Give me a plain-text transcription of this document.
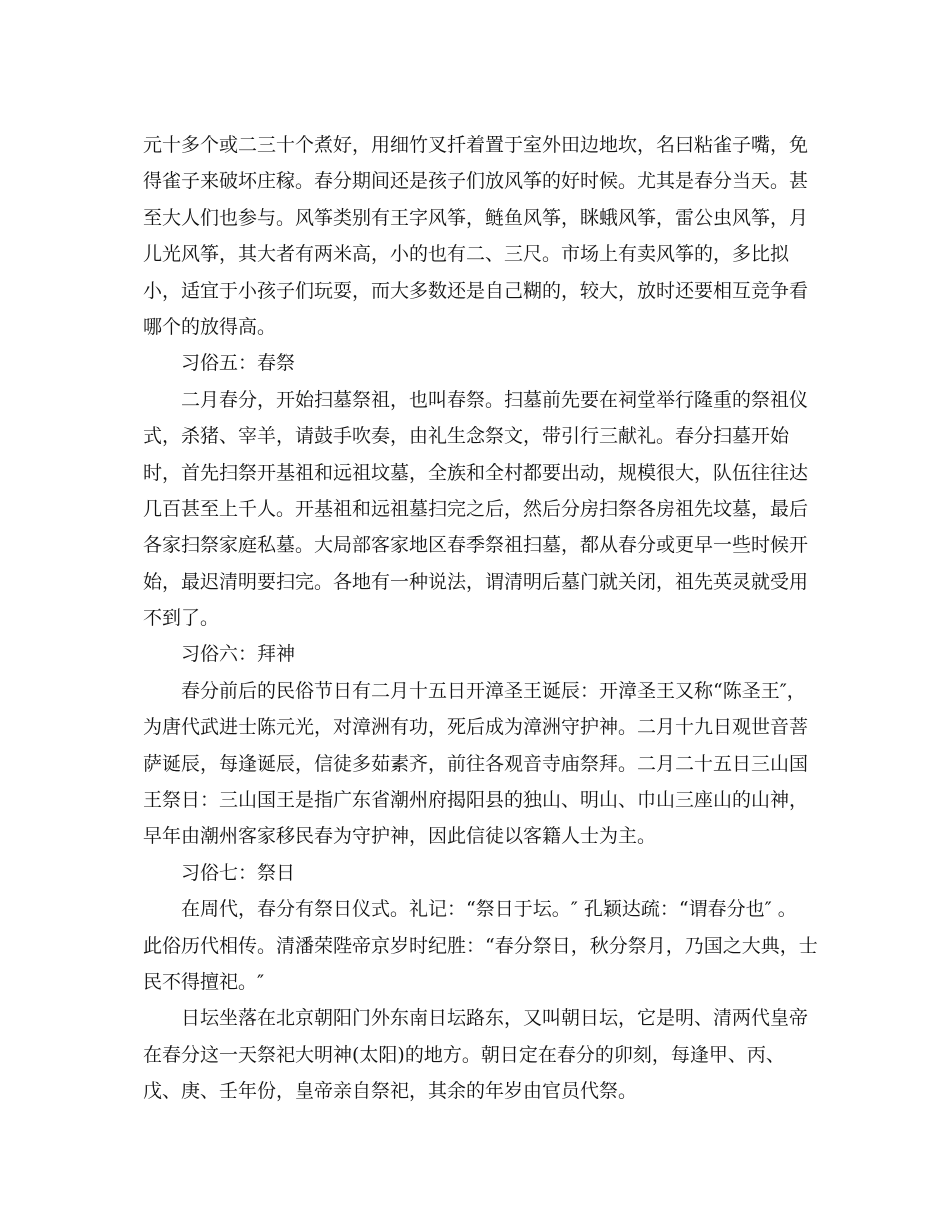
元十多个或二三十个煮好，用细竹叉扦着置于室外田边地坎，名曰粘雀子嘴，免
得雀子来破坏庄稼。春分期间还是孩子们放风筝的好时候。尤其是春分当天。甚
至大人们也参与。风筝类别有王字风筝，鲢鱼风筝，眯蛾风筝，雷公虫风筝，月
儿光风筝，其大者有两米高，小的也有二、三尺。市场上有卖风筝的，多比拟
小，适宜于小孩子们玩耍，而大多数还是自己糊的，较大，放时还要相互竞争看
哪个的放得高。
习俗五：春祭
二月春分，开始扫墓祭祖，也叫春祭。扫墓前先要在祠堂举行隆重的祭祖仪
式，杀猪、宰羊，请鼓手吹奏，由礼生念祭文，带引行三献礼。春分扫墓开始
时，首先扫祭开基祖和远祖坟墓，全族和全村都要出动，规模很大，队伍往往达
几百甚至上千人。开基祖和远祖墓扫完之后，然后分房扫祭各房祖先坟墓，最后
各家扫祭家庭私墓。大局部客家地区春季祭祖扫墓，都从春分或更早一些时候开
始，最迟清明要扫完。各地有一种说法，谓清明后墓门就关闭，祖先英灵就受用
不到了。
习俗六：拜神
春分前后的民俗节日有二月十五日开漳圣王诞辰：开漳圣王又称“陈圣王″，
为唐代武进士陈元光，对漳洲有功，死后成为漳洲守护神。二月十九日观世音菩
萨诞辰，每逢诞辰，信徒多茹素齐，前往各观音寺庙祭拜。二月二十五日三山国
王祭日：三山国王是指广东省潮州府揭阳县的独山、明山、巾山三座山的山神，
早年由潮州客家移民春为守护神，因此信徒以客籍人士为主。
习俗七：祭日
在周代，春分有祭日仪式。礼记：“祭日于坛。″ 孔颖达疏：“谓春分也″ 。
此俗历代相传。清潘荣陛帝京岁时纪胜：“春分祭日，秋分祭月，乃国之大典，士
民不得擅祀。″
日坛坐落在北京朝阳门外东南日坛路东，又叫朝日坛，它是明、清两代皇帝
在春分这一天祭祀大明神(太阳)的地方。朝日定在春分的卯刻，每逢甲、丙、
戊、庚、壬年份，皇帝亲自祭祀，其余的年岁由官员代祭。
